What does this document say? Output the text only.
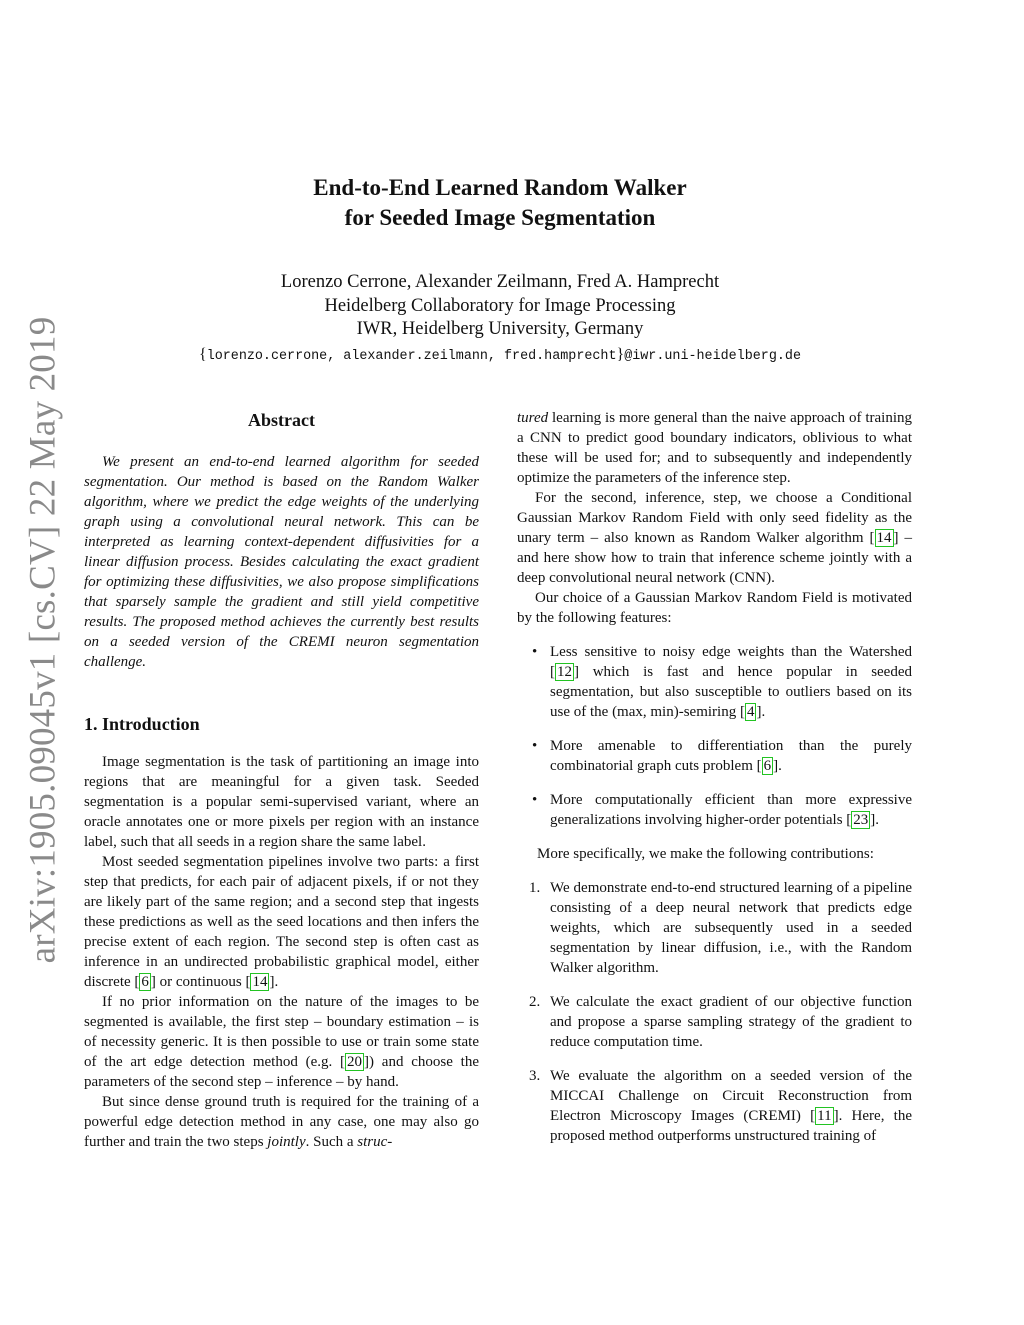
arXiv:1905.09045v1 [cs.CV] 22 May 2019
End-to-End Learned Random Walker
for Seeded Image Segmentation
Lorenzo Cerrone, Alexander Zeilmann, Fred A. Hamprecht
Heidelberg Collaboratory for Image Processing
IWR, Heidelberg University, Germany
{lorenzo.cerrone, alexander.zeilmann, fred.hamprecht}@iwr.uni-heidelberg.de
Abstract

We present an end-to-end learned algorithm for seeded segmentation. Our method is based on the Random Walker algorithm, where we predict the edge weights of the underlying graph using a convolutional neural network. This can be interpreted as learning context-dependent diffusivities for a linear diffusion process. Besides calculating the exact gradient for optimizing these diffusivities, we also propose simplifications that sparsely sample the gradient and still yield competitive results. The proposed method achieves the currently best results on a seeded version of the CREMI neuron segmentation challenge.

1. Introduction

Image segmentation is the task of partitioning an image into regions that are meaningful for a given task. Seeded segmentation is a popular semi-supervised variant, where an oracle annotates one or more pixels per region with an instance label, such that all seeds in a region share the same label.

Most seeded segmentation pipelines involve two parts: a first step that predicts, for each pair of adjacent pixels, if or not they are likely part of the same region; and a second step that ingests these predictions as well as the seed locations and then infers the precise extent of each region. The second step is often cast as inference in an undirected probabilistic graphical model, either discrete [ 6 ] or continuous [ 14 ].

If no prior information on the nature of the images to be segmented is available, the first step – boundary estimation – is of necessity generic. It is then possible to use or train some state of the art edge detection method (e.g. [ 20 ]) and choose the parameters of the second step – inference – by hand.

But since dense ground truth is required for the training of a powerful edge detection method in any case, one may also go further and train the two steps jointly. Such a struc-

tured learning is more general than the naive approach of training a CNN to predict good boundary indicators, oblivious to what these will be used for; and to subsequently and independently optimize the parameters of the inference step.

For the second, inference, step, we choose a Conditional Gaussian Markov Random Field with only seed fidelity as the unary term – also known as Random Walker algorithm [ 14 ] – and here show how to train that inference scheme jointly with a deep convolutional neural network (CNN).

Our choice of a Gaussian Markov Random Field is motivated by the following features:

• Less sensitive to noisy edge weights than the Watershed [ 12 ] which is fast and hence popular in seeded segmentation, but also susceptible to outliers based on its use of the (max, min)-semiring [ 4 ].
• More amenable to differentiation than the purely combinatorial graph cuts problem [ 6 ].
• More computationally efficient than more expressive generalizations involving higher-order potentials [ 23 ].

More specifically, we make the following contributions:

1. We demonstrate end-to-end structured learning of a pipeline consisting of a deep neural network that predicts edge weights, which are subsequently used in a seeded segmentation by linear diffusion, i.e., with the Random Walker algorithm.
2. We calculate the exact gradient of our objective function and propose a sparse sampling strategy of the gradient to reduce computation time.
3. We evaluate the algorithm on a seeded version of the MICCAI Challenge on Circuit Reconstruction from Electron Microscopy Images (CREMI) [ 11 ]. Here, the proposed method outperforms unstructured training of
